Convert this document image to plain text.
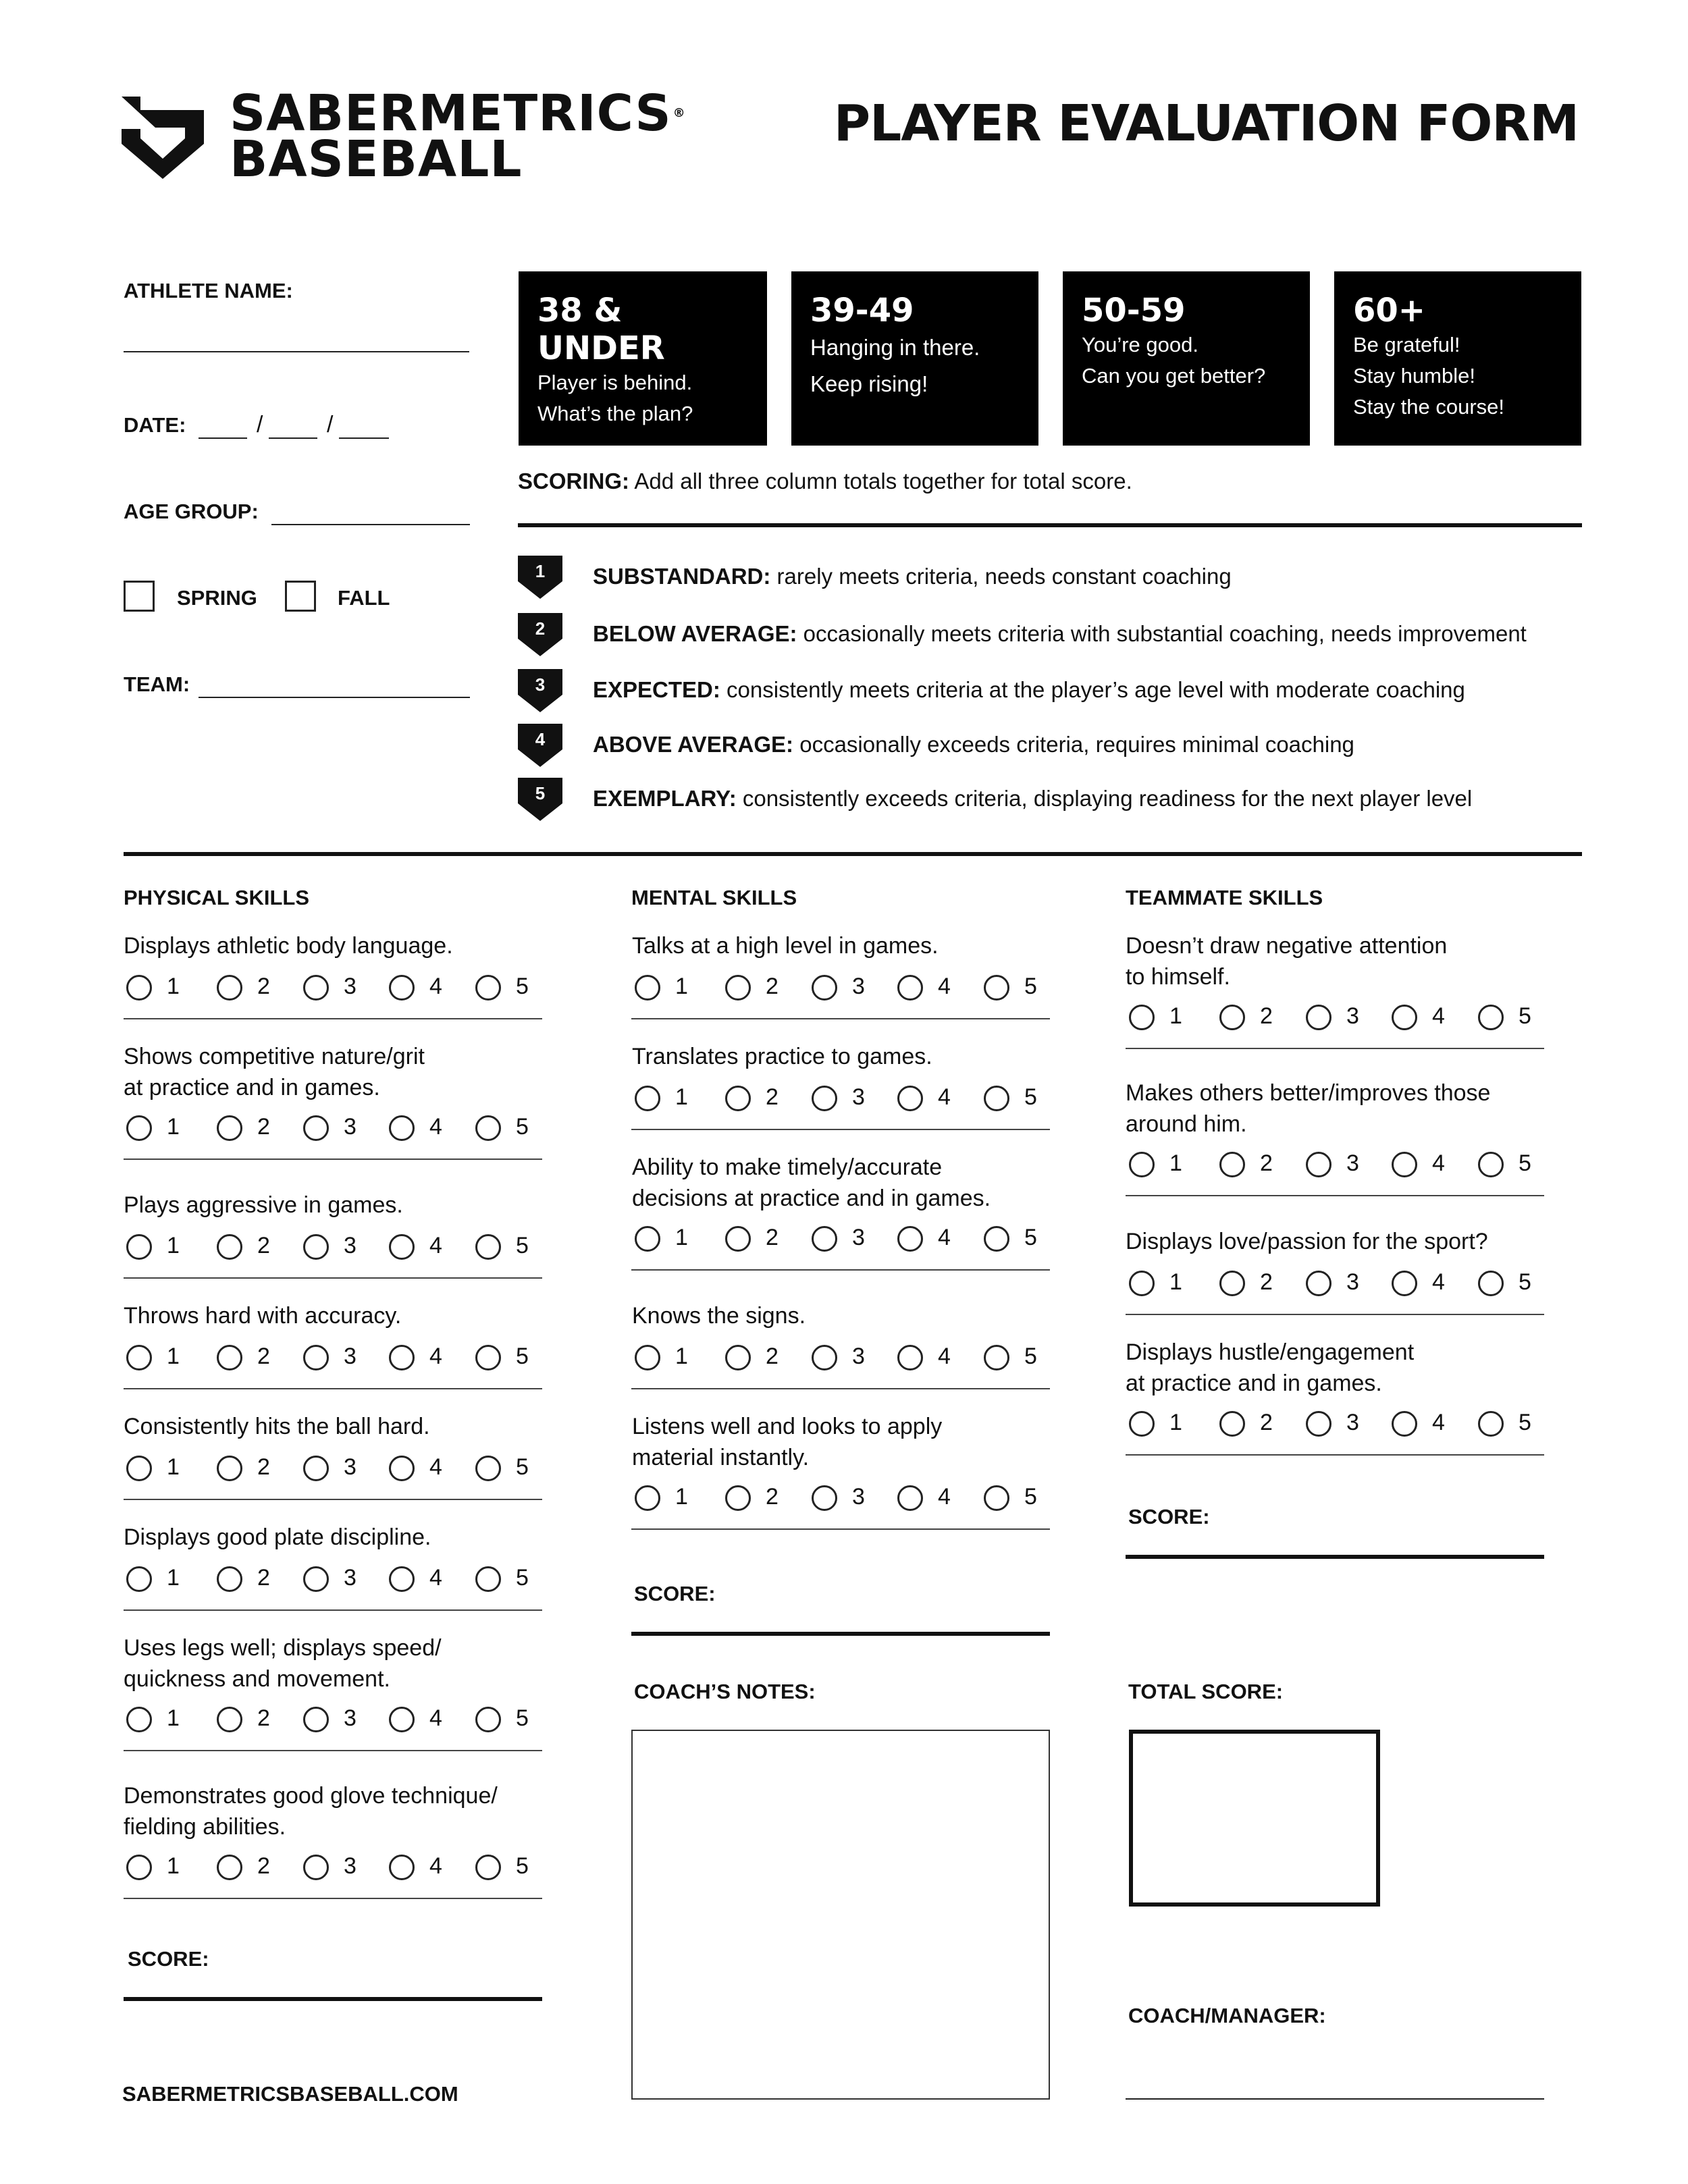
SABERMETRICS ®
BASEBALL
PLAYER EVALUATION FORM
ATHLETE NAME:
DATE:	/	/
AGE GROUP:
SPRING	FALL
TEAM:
38 & UNDER
Player is behind.
What’s the plan?
39-49
Hanging in there.
Keep rising!
50-59
You’re good.
Can you get better?
60+
Be grateful!
Stay humble!
Stay the course!
SCORING: Add all three column totals together for total score.
1 SUBSTANDARD: rarely meets criteria, needs constant coaching
2 BELOW AVERAGE: occasionally meets criteria with substantial coaching, needs improvement
3 EXPECTED: consistently meets criteria at the player’s age level with moderate coaching
4 ABOVE AVERAGE: occasionally exceeds criteria, requires minimal coaching
5 EXEMPLARY: consistently exceeds criteria, displaying readiness for the next player level
PHYSICAL SKILLS	MENTAL SKILLS	TEAMMATE SKILLS
Displays athletic body language.
1	2	3	4	5
Shows competitive nature/grit
at practice and in games.
1	2	3	4	5
Plays aggressive in games.
1	2	3	4	5
Throws hard with accuracy.
1	2	3	4	5
Consistently hits the ball hard.
1	2	3	4	5
Displays good plate discipline.
1	2	3	4	5
Uses legs well; displays speed/
quickness and movement.
1	2	3	4	5
Demonstrates good glove technique/
fielding abilities.
1	2	3	4	5
Talks at a high level in games.
1	2	3	4	5
Translates practice to games.
1	2	3	4	5
Ability to make timely/accurate
decisions at practice and in games.
1	2	3	4	5
Knows the signs.
1	2	3	4	5
Listens well and looks to apply
material instantly.
1	2	3	4	5
Doesn’t draw negative attention
to himself.
1	2	3	4	5
Makes others better/improves those
around him.
1	2	3	4	5
Displays love/passion for the sport?
1	2	3	4	5
Displays hustle/engagement
at practice and in games.
1	2	3	4	5
SCORE:
SCORE:
SCORE:
COACH’S NOTES:	TOTAL SCORE:
COACH/MANAGER:
SABERMETRICSBASEBALL.COM
